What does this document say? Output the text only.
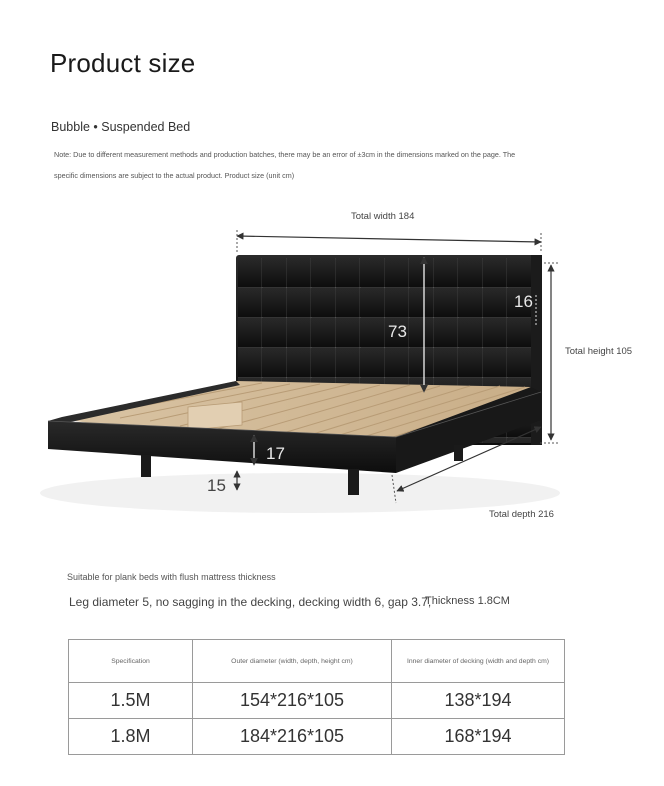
Product size
Bubble • Suspended Bed
Note: Due to different measurement methods and production batches, there may be an error of ±3cm in the dimensions marked on the page. The
specific dimensions are subject to the actual product. Product size (unit cm)
Total width 184
Total height 105
Total depth 216
73
16
17
15
Suitable for plank beds with flush mattress thickness
Leg diameter 5, no sagging in the decking, decking width 6, gap 3.7,
Thickness 1.8CM
Specification	Outer diameter (width, depth, height cm)	Inner diameter of decking (width and depth cm)
1.5M	154*216*105	138*194
1.8M	184*216*105	168*194
